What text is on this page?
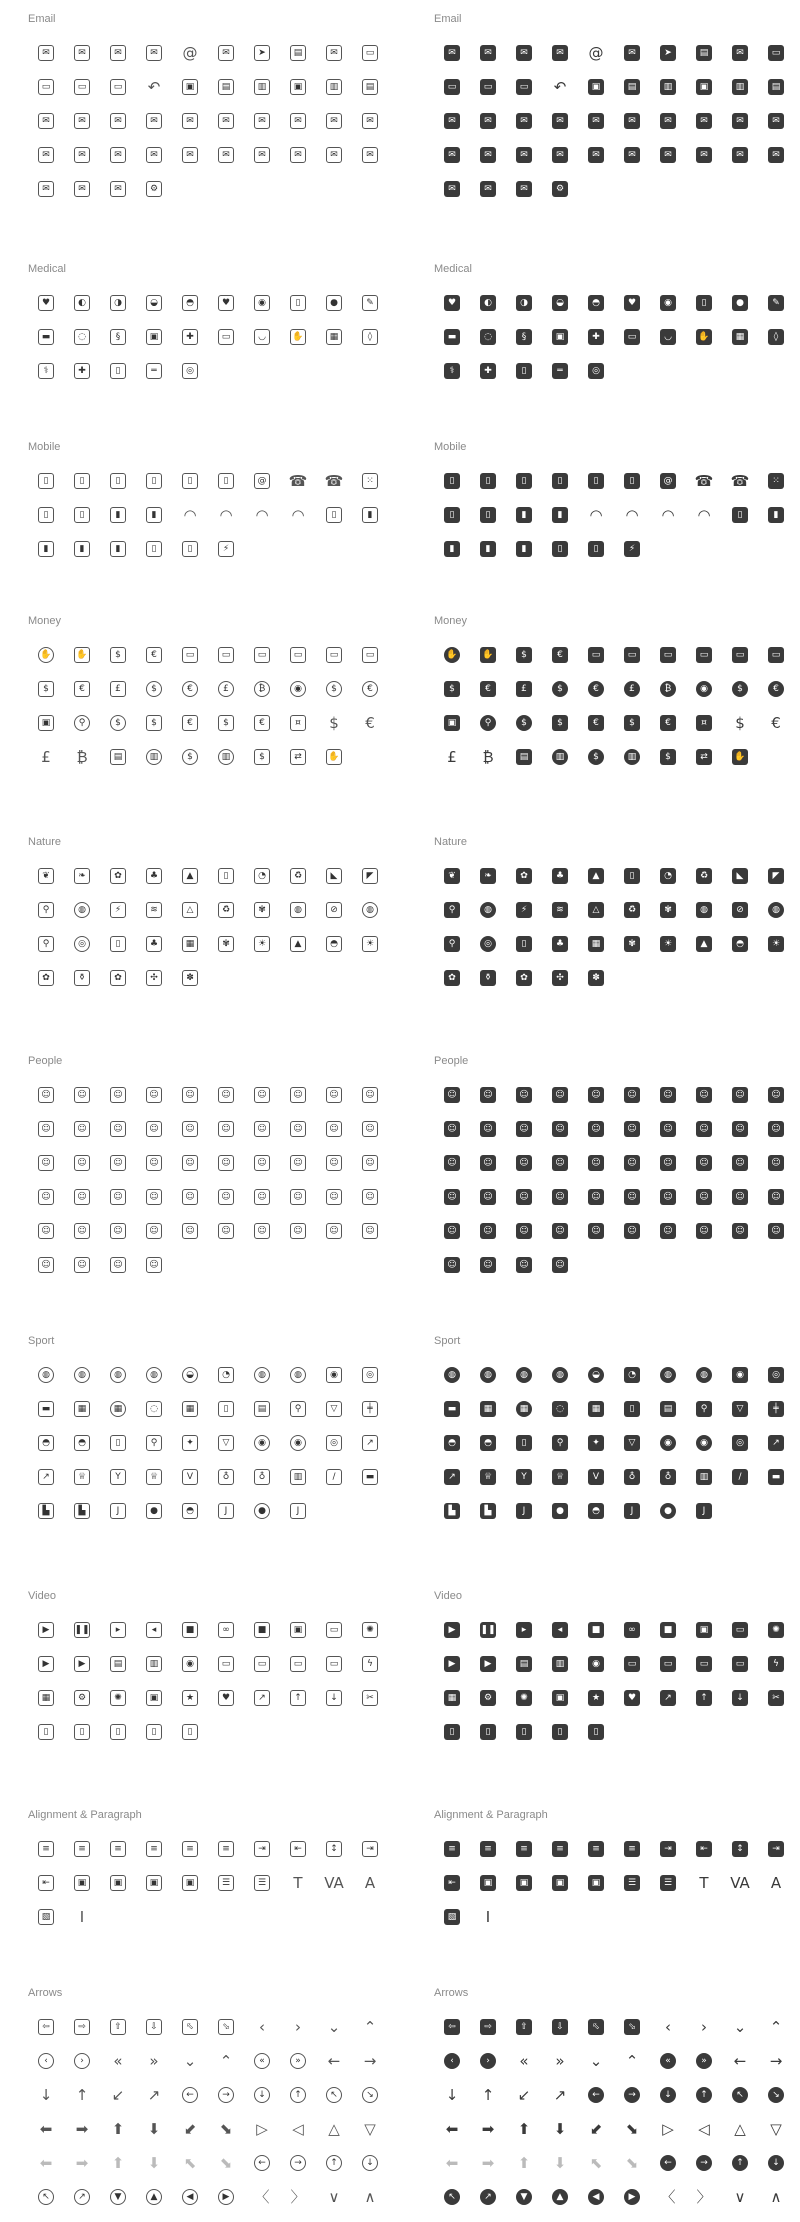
Email
✉	✉	✉	✉ @	✉	➤	▤	✉	▭
▭	▭	▭ ↶	▣	▤	▥	▣	▥	▤
✉	✉	✉	✉	✉	✉	✉	✉	✉	✉
✉	✉	✉	✉	✉	✉	✉	✉	✉	✉
✉	✉	✉	⚙
Medical
♥	◐	◑	◒	◓	♥	◉	▯	●	✎
▬	◌	§	▣	✚	▭	◡	✋	▦	◊
⚕	✚	▯	═	◎
Mobile
▯	▯	▯	▯	▯	▯	@ ☎ ☎	⁙
▯	▯	▮	▮	◠ ◠ ◠ ◠	▯	▮
▮	▮	▮	▯	▯	⚡
Money
✋	✋	$	€	▭	▭	▭	▭	▭	▭
$	€	£	$	€	£	₿	◉	$	€
▣	⚲	$	$	€	$	€	¤	$ €
£ ₿	▤	▥	$	▥	$	⇄	✋
Nature
❦	❧	✿	♣	▲	▯	◔	♻	◣	◤
⚲	◍	⚡	≋	△	♻	✾	◍	⊘	◍
⚲	◎	▯	♣	▦	✾	☀	▲	◓	☀
✿	⚱	✿	✣	✽
People
☺	☺	☺	☺	☺	☺	☺	☺	☺	☺
☺	☺	☺	☺	☺	☺	☺	☺	☺	☺
☺	☺	☺	☺	☺	☺	☺	☺	☺	☺
☺	☺	☺	☺	☺	☺	☺	☺	☺	☺
☺	☺	☺	☺	☺	☺	☺	☺	☺	☺
☺	☺	☺	☺
Sport
◍	◍	◍	◍	◒	◔	◍	◍	◉	◎
▬	▦	▦	◌	▦	▯	▤	⚲	▽	╪
◓	◓	▯	⚲	✦	▽	◉	◉	◎	↗
↗	♕	Y	♕	V	♁	♁	▥	/	▬
▙	▙	J	●	◓	J	●	J
Video
▶	❚❚	▸	◂	■	∞	■	▣	▭	✺
▶	▶	▤	▥	◉	▭	▭	▭	▭	ϟ
▦	⚙	✺	▣	★	♥	↗	↑	↓	✂
▯	▯	▯	▯	▯
Alignment & Paragraph
≡	≡	≡	≡	≡	≡	⇥	⇤	↕	⇥
⇤	▣	▣	▣	▣	☰	☰ T VA A
▧	I
Arrows
⇦	⇨	⇧	⇩	⬁	⬂	‹	›	⌄ ⌃
‹	›	« » ⌄ ⌃	«	»	← →
↓ ↑ ↙ ↗	←	→	↓	↑	↖	↘
⬅ ➡ ⬆ ⬇ ⬋ ⬊ ▷ ◁ △ ▽
⬅ ➡ ⬆ ⬇ ⬉ ⬊	←	→	↑	↓
↖	↗	▼	▲	◀	▶	〈 〉 ∨ ∧
Email
✉	✉	✉	✉ @	✉	➤	▤	✉	▭
▭	▭	▭ ↶	▣	▤	▥	▣	▥	▤
✉	✉	✉	✉	✉	✉	✉	✉	✉	✉
✉	✉	✉	✉	✉	✉	✉	✉	✉	✉
✉	✉	✉	⚙
Medical
♥	◐	◑	◒	◓	♥	◉	▯	●	✎
▬	◌	§	▣	✚	▭	◡	✋	▦	◊
⚕	✚	▯	═	◎
Mobile
▯	▯	▯	▯	▯	▯	@ ☎ ☎	⁙
▯	▯	▮	▮	◠ ◠ ◠ ◠	▯	▮
▮	▮	▮	▯	▯	⚡
Money
✋	✋	$	€	▭	▭	▭	▭	▭	▭
$	€	£	$	€	£	₿	◉	$	€
▣	⚲	$	$	€	$	€	¤	$ €
£ ₿	▤	▥	$	▥	$	⇄	✋
Nature
❦	❧	✿	♣	▲	▯	◔	♻	◣	◤
⚲	◍	⚡	≋	△	♻	✾	◍	⊘	◍
⚲	◎	▯	♣	▦	✾	☀	▲	◓	☀
✿	⚱	✿	✣	✽
People
☺	☺	☺	☺	☺	☺	☺	☺	☺	☺
☺	☺	☺	☺	☺	☺	☺	☺	☺	☺
☺	☺	☺	☺	☺	☺	☺	☺	☺	☺
☺	☺	☺	☺	☺	☺	☺	☺	☺	☺
☺	☺	☺	☺	☺	☺	☺	☺	☺	☺
☺	☺	☺	☺
Sport
◍	◍	◍	◍	◒	◔	◍	◍	◉	◎
▬	▦	▦	◌	▦	▯	▤	⚲	▽	╪
◓	◓	▯	⚲	✦	▽	◉	◉	◎	↗
↗	♕	Y	♕	V	♁	♁	▥	/	▬
▙	▙	J	●	◓	J	●	J
Video
▶	❚❚	▸	◂	■	∞	■	▣	▭	✺
▶	▶	▤	▥	◉	▭	▭	▭	▭	ϟ
▦	⚙	✺	▣	★	♥	↗	↑	↓	✂
▯	▯	▯	▯	▯
Alignment & Paragraph
≡	≡	≡	≡	≡	≡	⇥	⇤	↕	⇥
⇤	▣	▣	▣	▣	☰	☰ T VA A
▧	I
Arrows
⇦	⇨	⇧	⇩	⬁	⬂	‹	›	⌄ ⌃
‹	›	« » ⌄ ⌃	«	»	← →
↓ ↑ ↙ ↗	←	→	↓	↑	↖	↘
⬅ ➡ ⬆ ⬇ ⬋ ⬊ ▷ ◁ △ ▽
⬅ ➡ ⬆ ⬇ ⬉ ⬊	←	→	↑	↓
↖	↗	▼	▲	◀	▶	〈 〉 ∨ ∧
